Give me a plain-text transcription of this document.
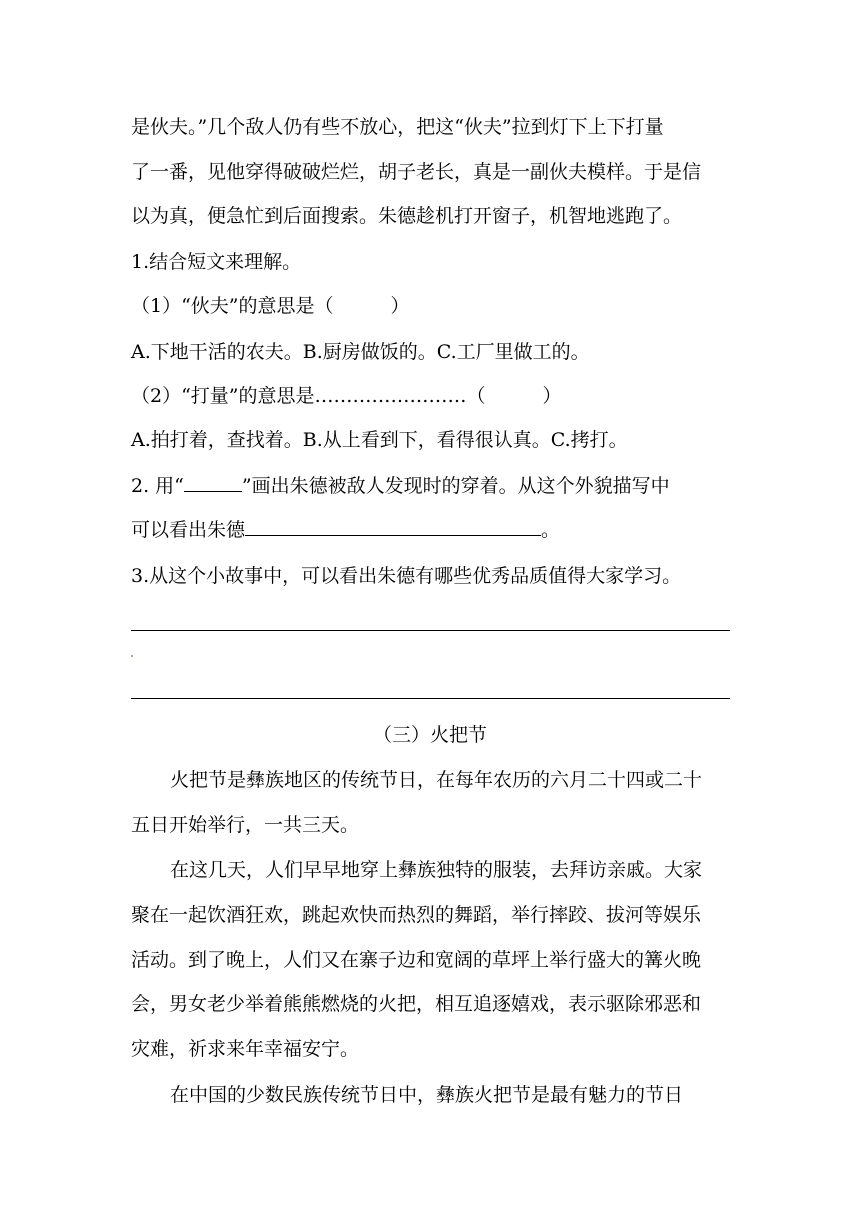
是伙夫。”几个敌人仍有些不放心，把这“伙夫”拉到灯下上下打量
了一番，见他穿得破破烂烂，胡子老长，真是一副伙夫模样。于是信
以为真，便急忙到后面搜索。朱德趁机打开窗子，机智地逃跑了。
1.结合短文来理解。
（1）“伙夫”的意思是（　　　）
A.下地干活的农夫。B.厨房做饭的。C.工厂里做工的。
（2）“打量”的意思是……………………（　　　）
A.拍打着，查找着。B.从上看到下，看得很认真。C.拷打。
2. 用“	”画出朱德被敌人发现时的穿着。从这个外貌描写中
可以看出朱德	。
3.从这个小故事中，可以看出朱德有哪些优秀品质值得大家学习。
（三）火把节
火把节是彝族地区的传统节日，在每年农历的六月二十四或二十
五日开始举行，一共三天。
在这几天，人们早早地穿上彝族独特的服装，去拜访亲戚。大家
聚在一起饮酒狂欢，跳起欢快而热烈的舞蹈，举行摔跤、拔河等娱乐
活动。到了晚上，人们又在寨子边和宽阔的草坪上举行盛大的篝火晚
会，男女老少举着熊熊燃烧的火把，相互追逐嬉戏，表示驱除邪恶和
灾难，祈求来年幸福安宁。
在中国的少数民族传统节日中，彝族火把节是最有魅力的节日
